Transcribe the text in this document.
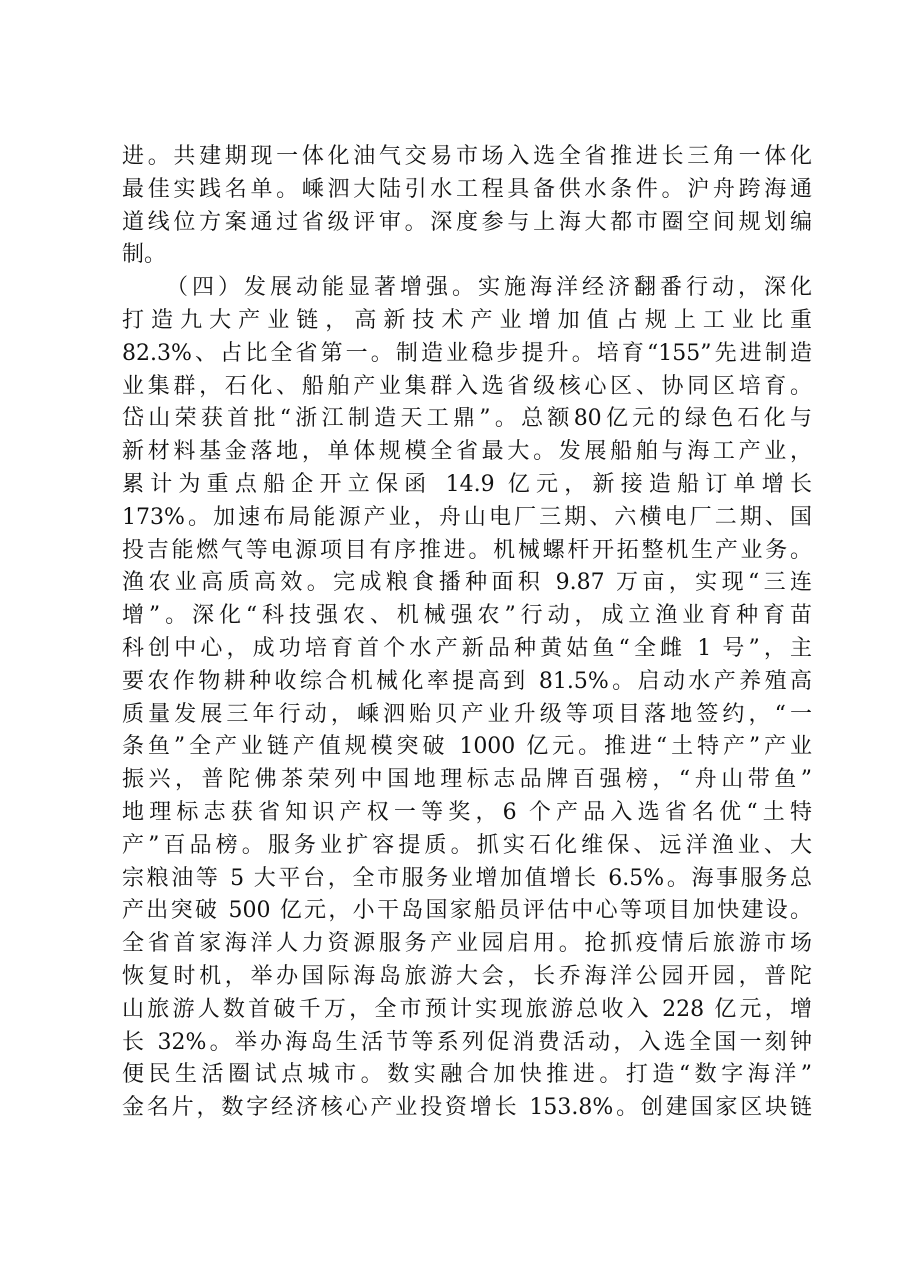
进。共建期现一体化油气交易市场入选全省推进长三角一体化
最佳实践名单。嵊泗大陆引水工程具备供水条件。沪舟跨海通
道线位方案通过省级评审。深度参与上海大都市圈空间规划编
制。
（四）发展动能显著增强。实施海洋经济翻番行动，深化
打造九大产业链，高新技术产业增加值占规上工业比重
82.3%、占比全省第一。制造业稳步提升。培育“155”先进制造
业集群，石化、船舶产业集群入选省级核心区、协同区培育。
岱山荣获首批“浙江制造天工鼎”。总额80亿元的绿色石化与
新材料基金落地，单体规模全省最大。发展船舶与海工产业，
累计为重点船企开立保函 14.9 亿元，新接造船订单增长
173%。加速布局能源产业，舟山电厂三期、六横电厂二期、国
投吉能燃气等电源项目有序推进。机械螺杆开拓整机生产业务。
渔农业高质高效。完成粮食播种面积 9.87 万亩，实现“三连
增”。深化“科技强农、机械强农”行动，成立渔业育种育苗
科创中心，成功培育首个水产新品种黄姑鱼“全雌 1 号”，主
要农作物耕种收综合机械化率提高到 81.5%。启动水产养殖高
质量发展三年行动，嵊泗贻贝产业升级等项目落地签约，“一
条鱼”全产业链产值规模突破 1000 亿元。推进“土特产”产业
振兴，普陀佛茶荣列中国地理标志品牌百强榜，“舟山带鱼”
地理标志获省知识产权一等奖，6 个产品入选省名优“土特
产”百品榜。服务业扩容提质。抓实石化维保、远洋渔业、大
宗粮油等 5 大平台，全市服务业增加值增长 6.5%。海事服务总
产出突破 500 亿元，小干岛国家船员评估中心等项目加快建设。
全省首家海洋人力资源服务产业园启用。抢抓疫情后旅游市场
恢复时机，举办国际海岛旅游大会，长乔海洋公园开园，普陀
山旅游人数首破千万，全市预计实现旅游总收入 228 亿元，增
长 32%。举办海岛生活节等系列促消费活动，入选全国一刻钟
便民生活圈试点城市。数实融合加快推进。打造“数字海洋”
金名片，数字经济核心产业投资增长 153.8%。创建国家区块链
